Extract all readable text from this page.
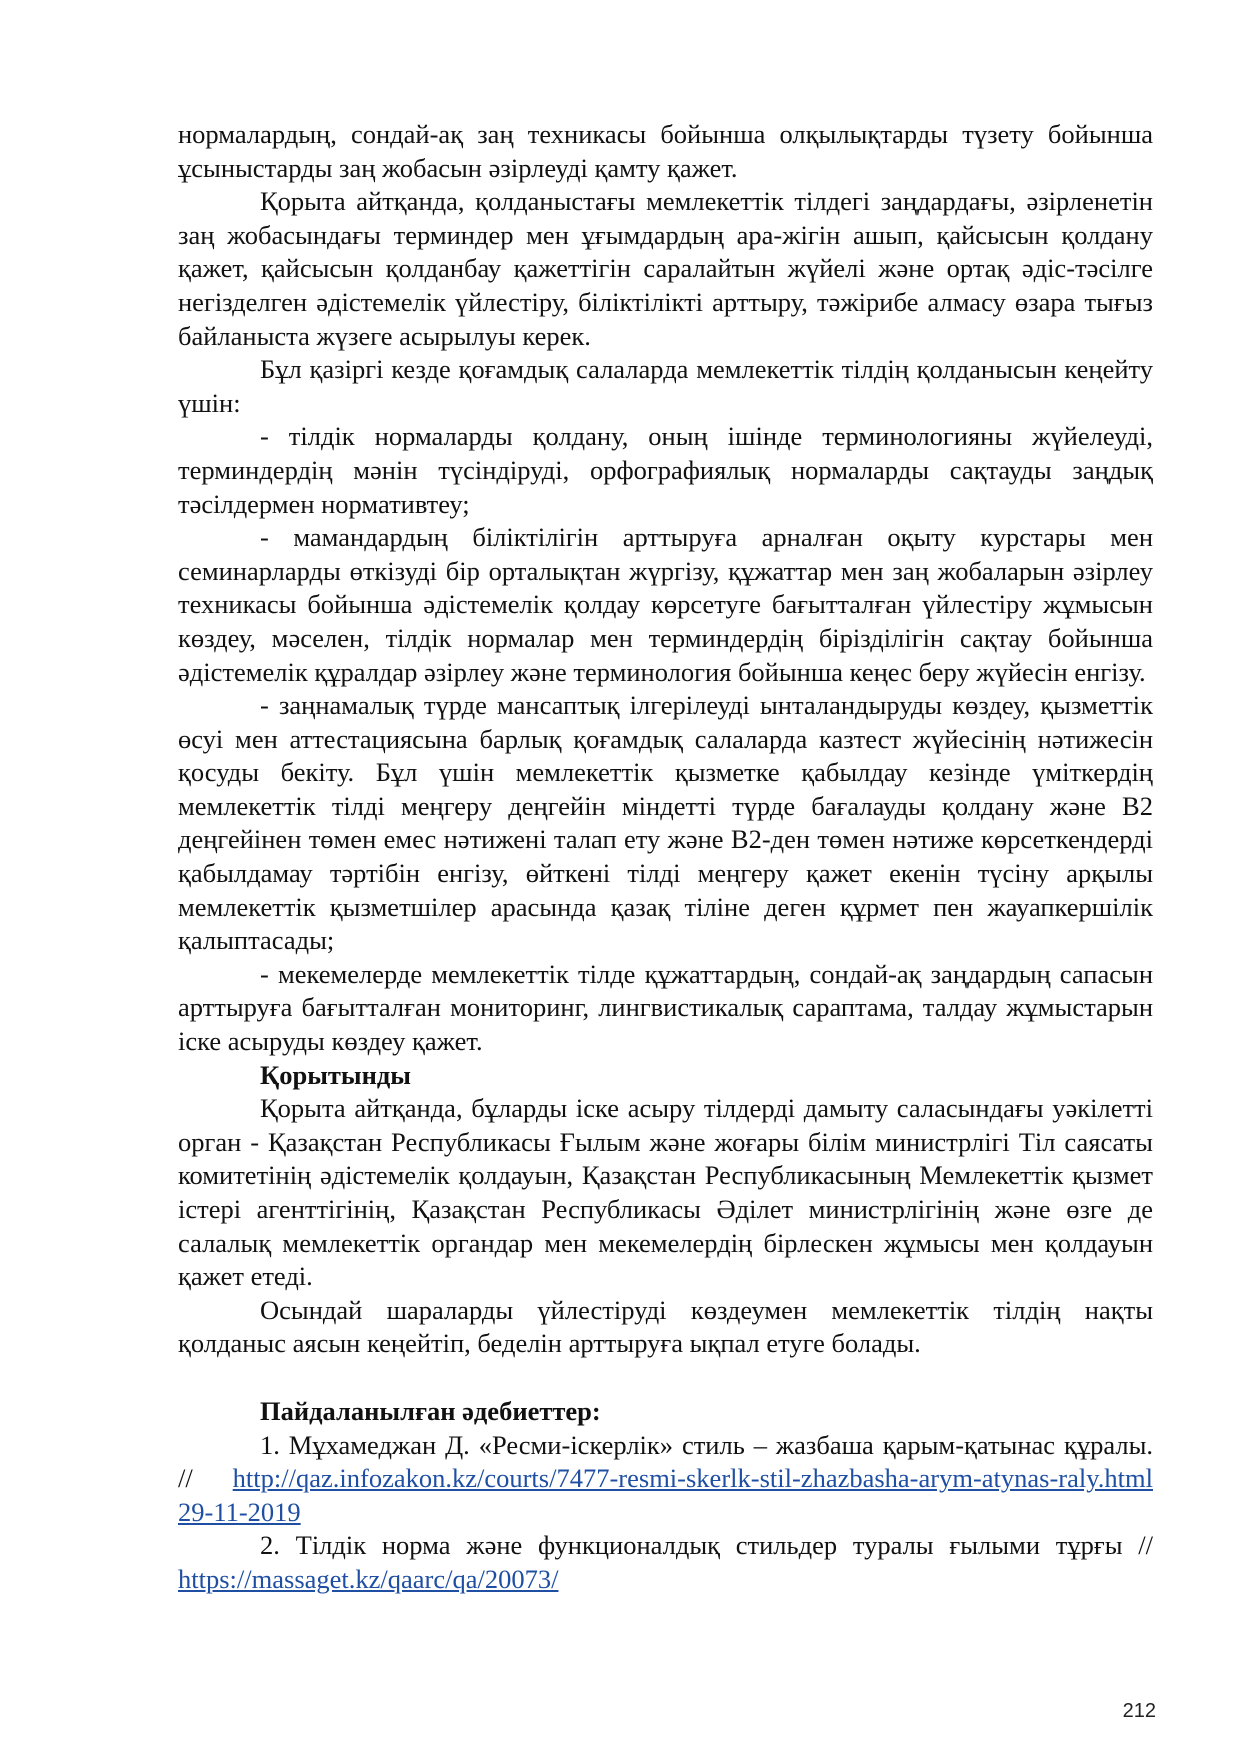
нормалардың, сондай-ақ заң техникасы бойынша олқылықтарды түзету бойынша ұсыныстарды заң жобасын әзірлеуді қамту қажет.

Қорыта айтқанда, қолданыстағы мемлекеттік тілдегі заңдардағы, әзірленетін заң жобасындағы терминдер мен ұғымдардың ара-жігін ашып, қайсысын қолдану қажет, қайсысын қолданбау қажеттігін саралайтын жүйелі және ортақ әдіс-тәсілге негізделген әдістемелік үйлестіру, біліктілікті арттыру, тәжірибе алмасу өзара тығыз байланыста жүзеге асырылуы керек.

Бұл қазіргі кезде қоғамдық салаларда мемлекеттік тілдің қолданысын кеңейту үшін:

- тілдік нормаларды қолдану, оның ішінде терминологияны жүйелеуді, терминдердің мәнін түсіндіруді, орфографиялық нормаларды сақтауды заңдық тәсілдермен нормативтеу;

- мамандардың біліктілігін арттыруға арналған оқыту курстары мен семинарларды өткізуді бір орталықтан жүргізу, құжаттар мен заң жобаларын әзірлеу техникасы бойынша әдістемелік қолдау көрсетуге бағытталған үйлестіру жұмысын көздеу, мәселен, тілдік нормалар мен терминдердің біріздiлігін сақтау бойынша әдістемелік құралдар әзірлеу және терминология бойынша кеңес беру жүйесін енгізу.

- заңнамалық түрде мансаптық ілгерілеуді ынталандыруды көздеу, қызметтік өсуі мен аттестациясына барлық қоғамдық салаларда казтест жүйесінің нәтижесін қосуды бекіту. Бұл үшін мемлекеттік қызметке қабылдау кезінде үміткердің мемлекеттік тілді меңгеру деңгейін міндетті түрде бағалауды қолдану және B2 деңгейінен төмен емес нәтижені талап ету және B2-ден төмен нәтиже көрсеткендерді қабылдамау тәртібін енгізу, өйткені тілді меңгеру қажет екенін түсіну арқылы мемлекеттік қызметшілер арасында қазақ тіліне деген құрмет пен жауапкершілік қалыптасады;

- мекемелерде мемлекеттік тілде құжаттардың, сондай-ақ заңдардың сапасын арттыруға бағытталған мониторинг, лингвистикалық сараптама, талдау жұмыстарын іске асыруды көздеу қажет.

Қорытынды

Қорыта айтқанда, бұларды іске асыру тілдерді дамыту саласындағы уәкілетті орган - Қазақстан Республикасы Ғылым және жоғары білім министрлігі Тіл саясаты комитетінің әдістемелік қолдауын, Қазақстан Республикасының Мемлекеттік қызмет істері агенттігінің, Қазақстан Республикасы Әділет министрлігінің және өзге де салалық мемлекеттік органдар мен мекемелердің бірлескен жұмысы мен қолдауын қажет етеді.

Осындай шараларды үйлестіруді көздеумен мемлекеттік тілдің нақты қолданыс аясын кеңейтіп, беделін арттыруға ықпал етуге болады.

Пайдаланылған әдебиеттер:

1. Мұхамеджан Д. «Ресми-іскерлік» стиль – жазбаша қарым-қатынас құралы. // http://qaz.infozakon.kz/courts/7477-resmi-skerlk-stil-zhazbasha-arym-atynas-raly.html 29-11-2019

2. Тілдік норма және функционалдық стильдер туралы ғылыми тұрғы // https://massaget.kz/qaarc/qa/20073/

212
